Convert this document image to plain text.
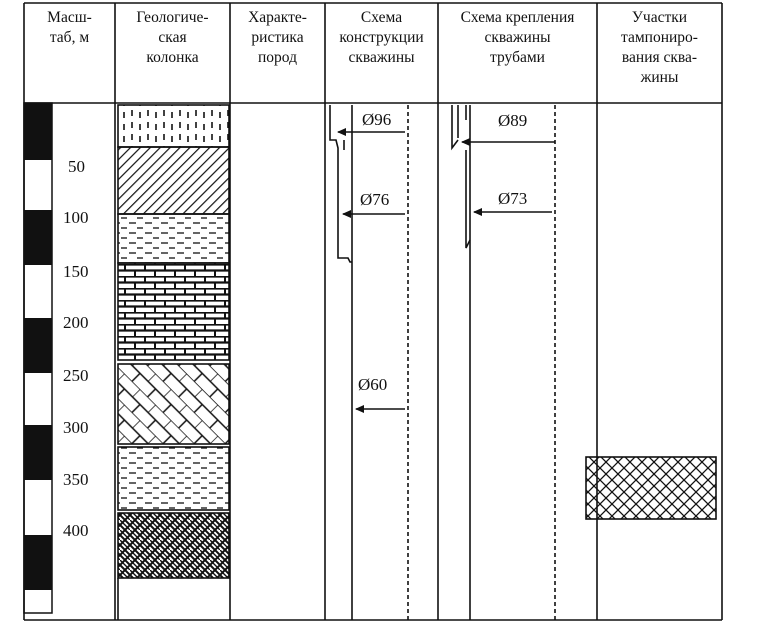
Масш-
таб, м
Геологиче-
ская
колонка
Характе-
ристика
пород
Схема
конструкции
скважины
Схема крепления
скважины
трубами
Участки
тампониро-
вания сква-
жины
50
100
150
200
250
300
350
400
Ø96
Ø76
Ø60
Ø89
Ø73
